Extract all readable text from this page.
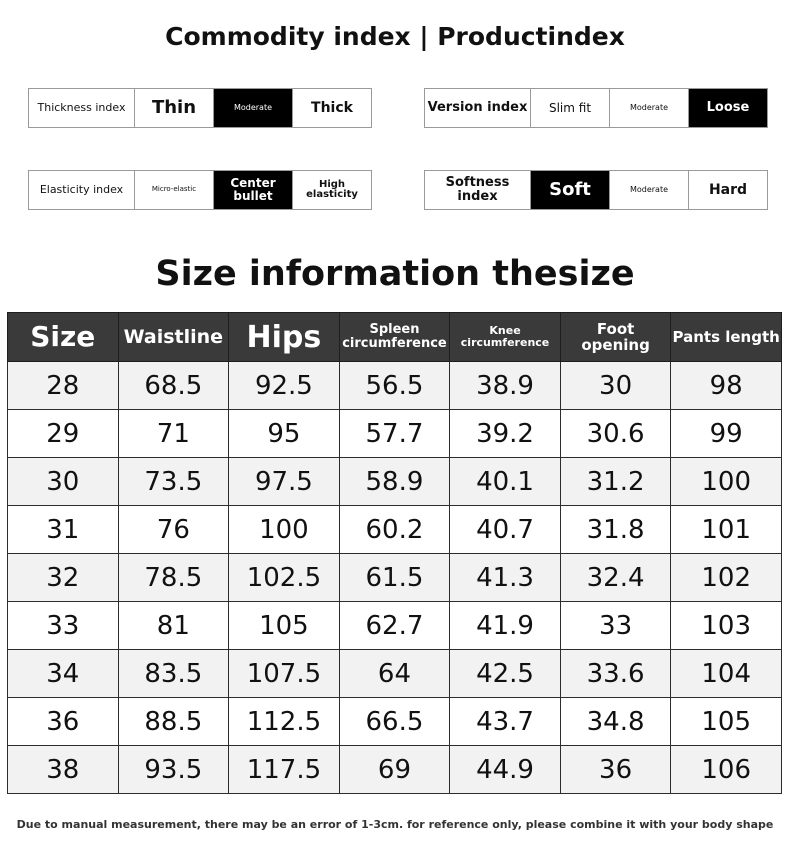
Commodity index | Productindex
Thickness index	Thin	Moderate	Thick	Version index	Slim fit	Moderate	Loose
Elasticity index	Micro-elastic	Center bullet
High elasticity
Softness index	Soft	Moderate	Hard
Size information thesize
Size	Waistline	Hips	Spleen circumference	Knee circumference	Foot opening	Pants length
28	68.5	92.5	56.5	38.9	30	98
29	71	95	57.7	39.2	30.6	99
30	73.5	97.5	58.9	40.1	31.2	100
31	76	100	60.2	40.7	31.8	101
32	78.5	102.5	61.5	41.3	32.4	102
33	81	105	62.7	41.9	33	103
34	83.5	107.5	64	42.5	33.6	104
36	88.5	112.5	66.5	43.7	34.8	105
38	93.5	117.5	69	44.9	36	106
Due to manual measurement, there may be an error of 1-3cm. for reference only, please combine it with your body shape
